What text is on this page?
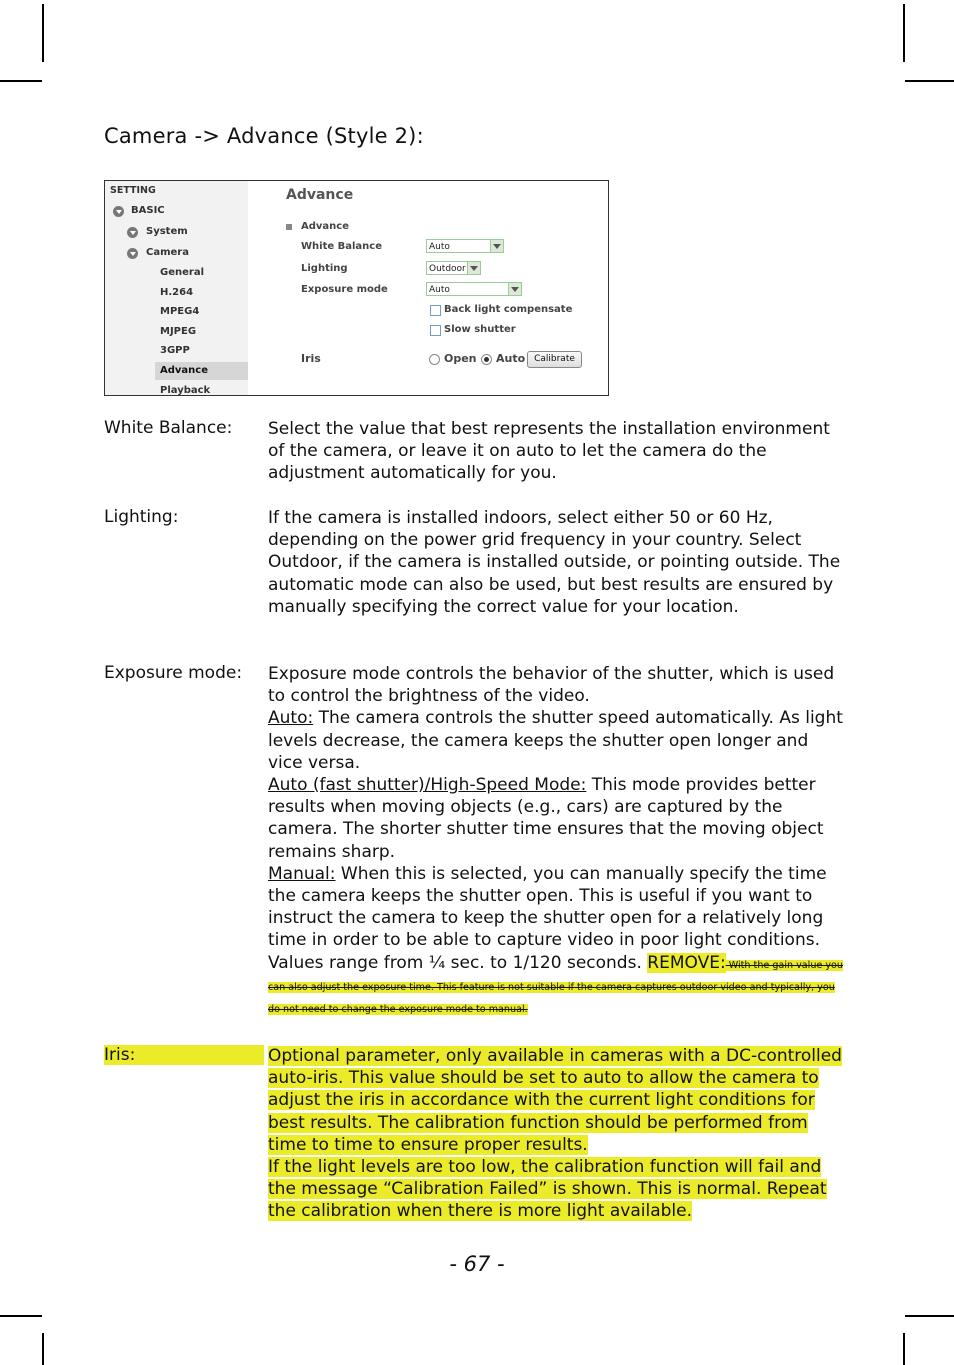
Camera -> Advance (Style 2):
SETTING
BASIC
System
Camera
General
H.264
MPEG4
MJPEG
3GPP
Advance
Playback
Advance
Advance
White Balance	Auto
Lighting	Outdoor
Exposure mode	Auto
Back light compensate
Slow shutter
Iris	Open Auto Calibrate
White Balance: Select the value that best represents the installation environment of the camera, or leave it on auto to let the camera do the adjustment automatically for you.

Lighting:	If the camera is installed indoors, select either 50 or 60 Hz, depending on the power grid frequency in your country. Select Outdoor, if the camera is installed outside, or pointing outside. The automatic mode can also be used, but best results are ensured by manually specifying the correct value for your location.

Exposure mode: Exposure mode controls the behavior of the shutter, which is used to control the brightness of the video.

Auto: The camera controls the shutter speed automatically. As light levels decrease, the camera keeps the shutter open longer and vice versa.

Auto (fast shutter)/High-Speed Mode: This mode provides better results when moving objects (e.g., cars) are captured by the camera. The shorter shutter time ensures that the moving object remains sharp.

Manual: When this is selected, you can manually specify the time the camera keeps the shutter open. This is useful if you want to instruct the camera to keep the shutter open for a relatively long time in order to be able to capture video in poor light conditions. Values range from ¼ sec. to 1/120 seconds. REMOVE: With the gain value you can also adjust the exposure time. This feature is not suitable if the camera captures outdoor video and typically, you do not need to change the exposure mode to manual.

Iris:	Optional parameter, only available in cameras with a DC-controlled auto-iris. This value should be set to auto to allow the camera to adjust the iris in accordance with the current light conditions for best results. The calibration function should be performed from time to time to ensure proper results.

If the light levels are too low, the calibration function will fail and the message “Calibration Failed” is shown. This is normal. Repeat the calibration when there is more light available.

- 67 -
